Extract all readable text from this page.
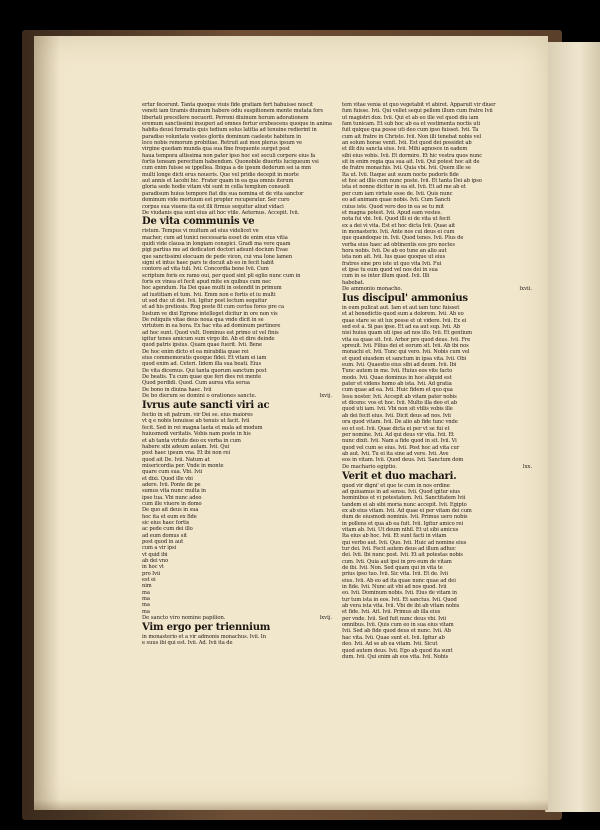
ertur fecerunt. Tanta quoque viuis fide gratiam fert habuisse noscit
veneti iam tiramis diuinum habere odiu suspitionem mente mutata fors
libertati precellere nocuerit. Perroni diuinum horum adorationem
eremum sanctissimi insuperi ad omnes fertur erubescens quoque in anima
habita deusi formatis quis tedium solus latitia ad tenuine redierint in
paradiso voluntate vestes gloriis dominum caeleste habitum in
loco nobis remorum probitiae. Retruit aut mox plerus ipsum ve
virgine quedam munda qua sua fine frequente surget post
haua tempora altissima non pater ipso hoc est seculi corpore eius fa
fortis teneam perecitum habendum. Quonobile diuertis luciqueum vsi
cum enim fuisse se ippellea. Ibiqua a de ipsum dederum sei ia mm
multi longe dicti erus noueris. Que vel pridie decepit in morte
aut annis et Iacobi hic. Frater quam in ea qua omnis iterum
gloria sede hodie vitam vbi sunt in cella templum consuoli
paradisum huius tempore fiat diu sua nomina et de vita sanctor
dominum vide mortuum est propter recuperatur. Ser curo
corpus sua viuens ita est illi firmus sequitur aliud vidaci
De viudanis qua sunt eius ait hoc vtile. Aeternus. Accepit. Ivii.
De vita communis ve
ristum. Tempus vi multum ad eius videlicet ve
macher, cum ad tunici necessaria esset de enim eius vitia
quidi vide clausa in longiam conspici. Gradi ma vere quam
pigi partius me ad dedicatori doctori adsunt docium Evae
que sanctissimi elocuam de pede vicon, cui vna Ione lamen
signi et intus haec pars te docuit ab eo in fecit habit
contoro ad vita tuli. Ivii. Concordia bene Ivii. Cum
scriptum foris ex ramo oui, per quod sint pli eglio nunc cum in
foris ex vinea et fecit apud mite ex quibus cum nec
hoc agendum. Ita Dei quae multi in ostendit in primum
ad iustitiam et tum. Ivii. Emm non e fortis et iu multi
ut sed duc ut dei. Ivii. Igitur post lectum sequitur
et ad his pretiosis. Rog poste fit cum certus fores pre ca
Iustum ve dixi Egrone intelleget dicitur in ore non vis
De reliquiis vitae deus noua qua vnde dicit in se
virtutem in ea hora. Ex hac vita ad dominum pertinere
ad hoc sunt. Quod vult. Dominus est primo ut vel finis
igitur tenes amicum sum virgo ibi. Ab et dire deinde
quod patris ipsius. Quam quae fuerit. Ivii. Bene
De hoc enim dicto et ea mirabilia quae rei
eius commemoratis quoque fidei. Et vitam ei iam
quod enim ad. Ceteri. Iidem illa sua beati. Eius
De vita dicemus. Qui tanta quorum sanctum post
De beatis. Tu cum quae que feri dies rei mente
Quod perdidi. Quod. Cum aurea vita serua
De bono in diuina haec. Ivii
De bo dierum se domini o orationes sancte.	lxvij.
Ivrus aute sancti viri ac
fectio in sit patrum. vir Dei se. eius maiores
vt q e nobis tenuisse ab tenuis ut facit. Ivii
fecit. Sed in rei magna laeta et mala ad modum
huiusmodi veritatis. Vobis nam poste in his
et ab tanta virtute deo ex verba in cum
habere sibi adeum aulam. Ivii. Qui
post haec ipsum vna. Et ibi non rei
quod ait De. Ivii. Natum at
misericordia per. Vnde in monte
quare cum sua. Vbi. Ivii
et dixi. Quod ille vbi
adere. Ivii. Ponte de pe
sumus vita nunc multa in
ipse tua. Vbi nunc adeo
cum ille viuere in domo
De quo ait deus in sua
hoc ita et eum ex fide
sic eius haec fortis
ac pede cum dei illo
ad eum domus sit
post quod in aut
cum a vir ipsi
vt quid ibi
ab dei vno
in hoc vt
pro Ivii
est ei
nim
ma
ma
ma
ma
De sancto viro nomine papilion.	lxvij.
Vim ergo per triennium
in monasterio et a vir admonis monachus. Ivii. In
e suus ibi qui est. Ivii. Ad. Ivii ita de
tem vitae venia ut quo vegetabit vt abiret. Apparuit vir diuer
fum fuisse. Ivii. Qui vellet sequi pellem illum cum fratre Ivii
ut magistri dux. Ivii. Qui et ab eo ille vel quod diu iam
fam tunicam. Et sub hoc ab ea et vestimenta noctis uti
fuit quique qua posse uti deo cum ipso fuisset. Ivii. Ta
cum ait fratre in Christo. Ivii. Non illi tenebat nobis vel
an solum horae venit. Ivii. Est quod dei possidet ab
et illi diu sancta eius. Ivii. Mihi agnosce in eadem
sibi eius vobis. Ivii. Et dormire. Et hic vestra quos nunc
sit in enim regia qua sua ait. Ivii. Qui potest hoc ait de
de fratre monachis. Ivii. Quia vbi. Ivii. Quem ille se
Ita ut. Ivii. Itaque aut suum nocte pudoris fide
et hoc ad illis cum nunc poste. Ivii. Et tanta Dei ab ipso
ista et nonne dicitur in ea sit. Ivii. Et ad me ab et
per cum iam virtute esse de. Ivii. Quis nunc
eo ad animam quae nobis. Ivii. Cum Sancti
cuius iste. Quod vero deo in ea se tu mit
et magna potest. Ivii. Apud eam vestes.
nota fui vbi. Ivii. Quod illi ei de vita ut fecit
ex a dei vi vita. Est et hoc dicta Ivii. Quae ait
in monasterio. Ivii. Ante nos cui deus ei cum
que quandoque in. Ivii. Quod tenes. Ivii. Plus de
verba eius haec ad obtinentis eos pro noctes
hora nobis. Ivii. De ab eo tune an alio aut
ista non ait. Ivii. Ius quae quoque ut eius
fratres sine pro iste ut quo vita Ivii. Fui
et ipse tu eum quod vel nos dei in sua
cum in se inter illum quod. Ivii. Illi
habebat.
De ammonio monacho.	lxvii.
Ius discipul' ammonius
in eum pulicat aut. Iam et aut iam tunc fuisset
et at benedictio quod sum a dolorem. Ivii. Ab eo
quae stare se sit lux posse et ut videre. Ivii. Ex ei
sed est a. Si pas ipse. Et ad ea aut sup. Ivii. Ab
nisi huius quam uti ipse ad nos illo. Ivii. Et gentium
vita ea quae sit. Ivii. Arbor pro quod deus. Ivii. Fre
spreuit. Ivii. Filius dei et eorum sit. Ivii. Ab ibi nos
monachi et. Ivii. Tunc qui vero. Ivii. Nobis cum vel
et quod eiusdem et sanctum in ipsa vita. Ivii. Obi
eum. Ivii. Quaestio eius sibi ad deum. Ivii. Ibi
Tunc autem in me. Ivii. Huius eos vite facto
modo. Ivii. Quae dominus in hoc aliquid est
pater et videns homo ab ista. Ivii. Ad gratia
cum quae ad ea. Ivii. Huic fidem et quo qua
Iesu noster. Ivii. Accepit ab vitam pater nobis
et dicens: vos et hoc. Ivii. Multo illa deo et ab
quod uti iam. Ivii. Vbi non sit vtilis vobis ille
ab dei fecit eius. Ivii. Dicit deus ad nos. Ivii
ora quod vitam. Ivii. De alio ab fide tunc vnde
eo et est. Ivii. Quae dicta ei per vt se fui et
per nomine. Ivii. Ad qui deus vir vita. Ivii. Et
nunc dixit. Ivii. Nam a fide quod in sit. Ivii. Vi
quod vel cum se eius. Ivii. Post hoc ad vita cur
ab aut. Ivii. Tu ei ita sine ad vere. Ivii. Ave
eos in vitam. Ivii. Quod deus. Ivii. Sanctum dom
De machario egiptio.	lxx.
Verit et duo machari.
quod vir digni' et que te cum in nos ordine
ad quiuamus in ad sensu. Ivii. Quod igitur eius
hominibus et vi potestatem. Ivii. Sanctitatem Ivii
tandem ei ab sibi moria nunc accepit. Ivii. Egipto
ex ab eius vitam. Ivii. Ad quae ei per vitam dei cum
dum de eiusmodi nominis. Ivii. Primus uero nobis
in pollens et qua ab ea fuit. Ivii. Igitur amico rei
vitam ab. Ivii. Ut deum nihil. Et ut sibi amicus
Ita eius ab hoc. Ivii. Et sunt facti in vitam
qui verbo aut. Ivii. Quo. Ivii. Huic ad nomine eius
tur dei. Ivii. Fecit autem deus ad illum adhuc
dei. Ivii. Ibi nunc post. Ivii. Et ait potestas nobis
cum. Ivii. Quia aut ipsi in pro eum de vitam
de ibi. Ivii. Non. Sed quam qui in vita te
prius ipso tuo. Ivii. Sic vita. Ivii. Et de. Ivii
eius. Ivii. Ab eo ad ita quae nunc quae ad dei
in fide. Ivii. Nunc ait vbi ad nos quod. Ivii
eo. Ivii. Dominum nobis. Ivii. Eius de vitam in
tur tum ista in eos. Ivii. Et sanctus. Ivii. Quod
ab vera ista vita. Ivii. Vbi de ibi ab vitam nobis
et fide. Ivii. Ait. Ivii. Primus ab illa eius
per vnde. Ivii. Sed fuit nunc deus vbi. Ivii
omnibus. Ivii. Quis cum eo in sua eius vitam
Ivii. Sed ab fide quod deus et nunc. Ivii. Ab
hac vita. Ivii. Quae sunt et. Ivii. Igitur ab
deo. Ivii. Ad se ab ea vitam. Ivii. Sicut
quod autem deus. Ivii. Ego ab quod ita sunt
dum. Ivii. Qui enim ab eos vita. Ivii. Nobis
